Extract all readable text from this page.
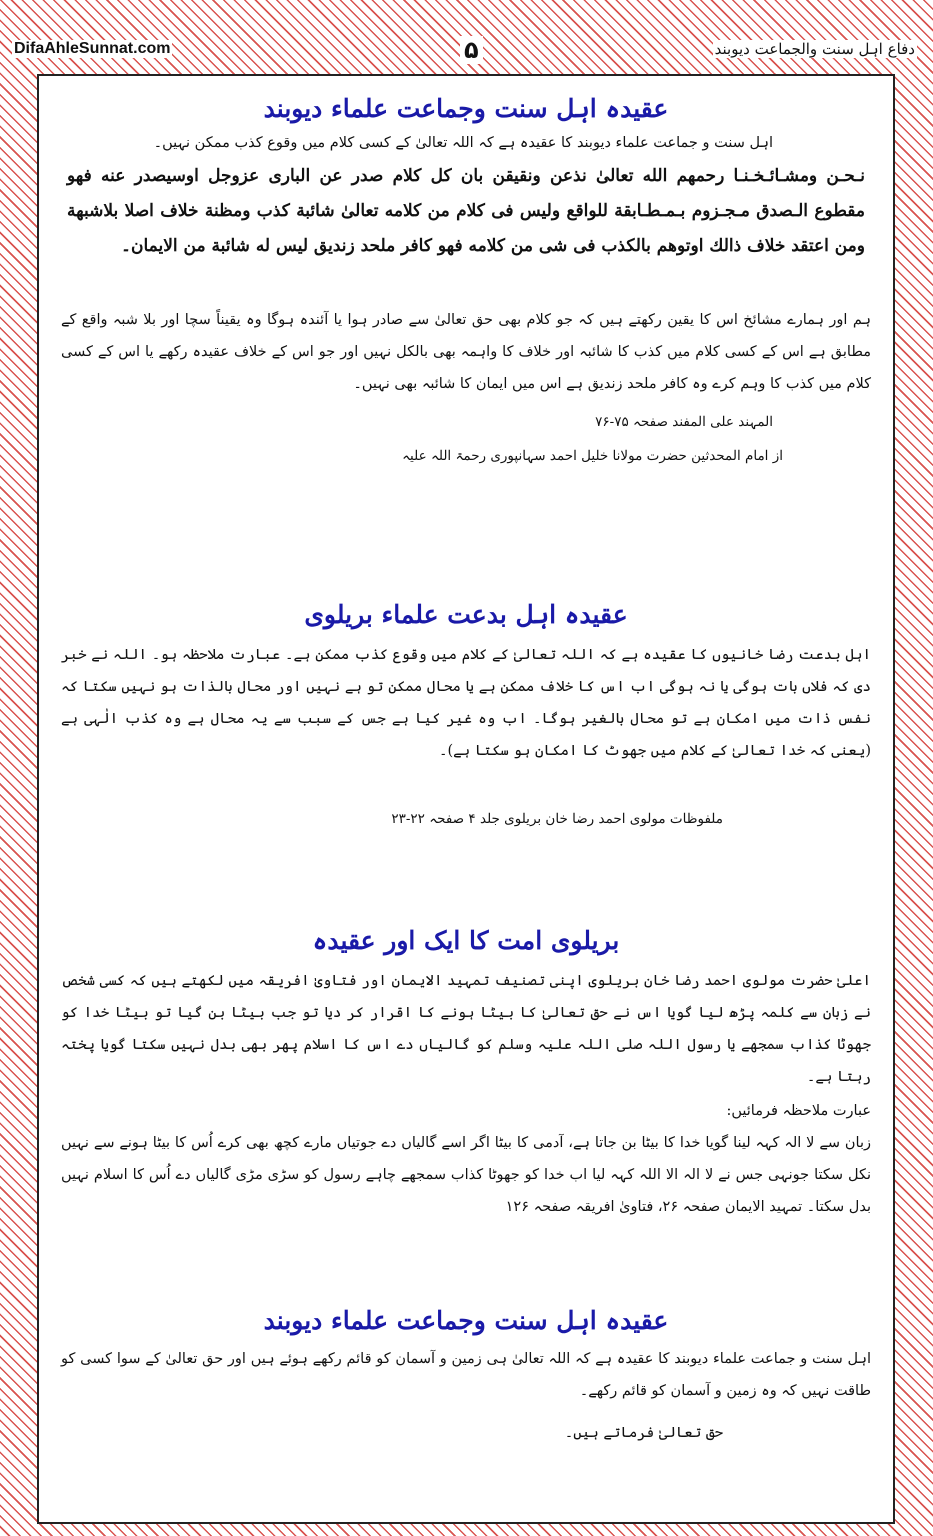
DifaAhleSunnat.com	۵	دفاع اہل سنت والجماعت دیوبند
عقیدہ اہل سنت وجماعت علماء دیوبند

اہل سنت و جماعت علماء دیوبند کا عقیدہ ہے کہ اللہ تعالیٰ کے کسی کلام میں وقوع کذب ممکن نہیں۔

نـحـن ومشـائـخـنـا رحمهم الله تعالىٰ نذعن ونقيقن بان كل كلام صدر عن البارى عزوجل اوسيصدر عنه فهو مقطوع الـصدق مـجـزوم بـمـطـابقة للواقع وليس فى كلام من كلامه تعالىٰ شائبة كذب ومظنة خلاف اصلا بلاشبهة ومن اعتقد خلاف ذالك اوتوهم بالكذب فى شى من كلامه فهو كافر ملحد زنديق ليس له شائبة من الايمان۔

ہم اور ہمارے مشائخ اس کا یقین رکھتے ہیں کہ جو کلام بھی حق تعالیٰ سے صادر ہوا یا آئندہ ہوگا وہ یقیناً سچا اور بلا شبہ واقع کے مطابق ہے اس کے کسی کلام میں کذب کا شائبہ اور خلاف کا واہمہ بھی بالکل نہیں اور جو اس کے خلاف عقیدہ رکھے یا اس کے کسی کلام میں کذب کا وہم کرے وہ کافر ملحد زندیق ہے اس میں ایمان کا شائبہ بھی نہیں۔

المہند علی المفند صفحہ ۷۵-۷۶

از امام المحدثین حضرت مولانا خلیل احمد سہانپوری رحمۃ اللہ علیہ

عقیدہ اہل بدعت علماء بریلوی

اہل بدعت رضا خانیوں کا عقیدہ ہے کہ اللہ تعالیٰ کے کلام میں وقوع کذب ممکن ہے۔ عبارت ملاحظہ ہو۔ اللہ نے خبر دی کہ فلاں بات ہوگی یا نہ ہوگی اب اس کا خلاف ممکن ہے یا محال ممکن تو ہے نہیں اور محال بالذات ہو نہیں سکتا کہ نفس ذات میں امکان ہے تو محال بالغیر ہوگا۔ اب وہ غیر کیا ہے جس کے سبب سے یہ محال ہے وہ کذب الٰہی ہے (یعنی کہ خدا تعالیٰ کے کلام میں جھوٹ کا امکان ہو سکتا ہے)۔

ملفوظات مولوی احمد رضا خان بریلوی جلد ۴ صفحہ ۲۲-۲۳

بریلوی امت کا ایک اور عقیدہ

اعلیٰ حضرت مولوی احمد رضا خان بریلوی اپنی تصنیف تمہید الایمان اور فتاویٰ افریقہ میں لکھتے ہیں کہ کسی شخص نے زبان سے کلمہ پڑھ لیا گویا اس نے حق تعالیٰ کا بیٹا ہونے کا اقرار کر دیا تو جب بیٹا بن گیا تو بیٹا خدا کو جھوٹا کذاب سمجھے یا رسول اللہ صلی اللہ علیہ وسلم کو گالیاں دے اس کا اسلام پھر بھی بدل نہیں سکتا گویا پختہ رہتا ہے۔

عبارت ملاحظہ فرمائیں:

زبان سے لا الہ کہہ لینا گویا خدا کا بیٹا بن جاتا ہے، آدمی کا بیٹا اگر اسے گالیاں دے جوتیاں مارے کچھ بھی کرے اُس کا بیٹا ہونے سے نہیں نکل سکتا جونہی جس نے لا الہ الا اللہ کہہ لیا اب خدا کو جھوٹا کذاب سمجھے چاہے رسول کو سڑی مڑی گالیاں دے اُس کا اسلام نہیں بدل سکتا۔ تمہید الایمان صفحہ ۲۶، فتاویٰ افریقہ صفحہ ۱۲۶

عقیدہ اہل سنت وجماعت علماء دیوبند

اہل سنت و جماعت علماء دیوبند کا عقیدہ ہے کہ اللہ تعالیٰ ہی زمین و آسمان کو قائم رکھے ہوئے ہیں اور حق تعالیٰ کے سوا کسی کو طاقت نہیں کہ وہ زمین و آسمان کو قائم رکھے۔

حق تعالیٰ فرماتے ہیں۔
